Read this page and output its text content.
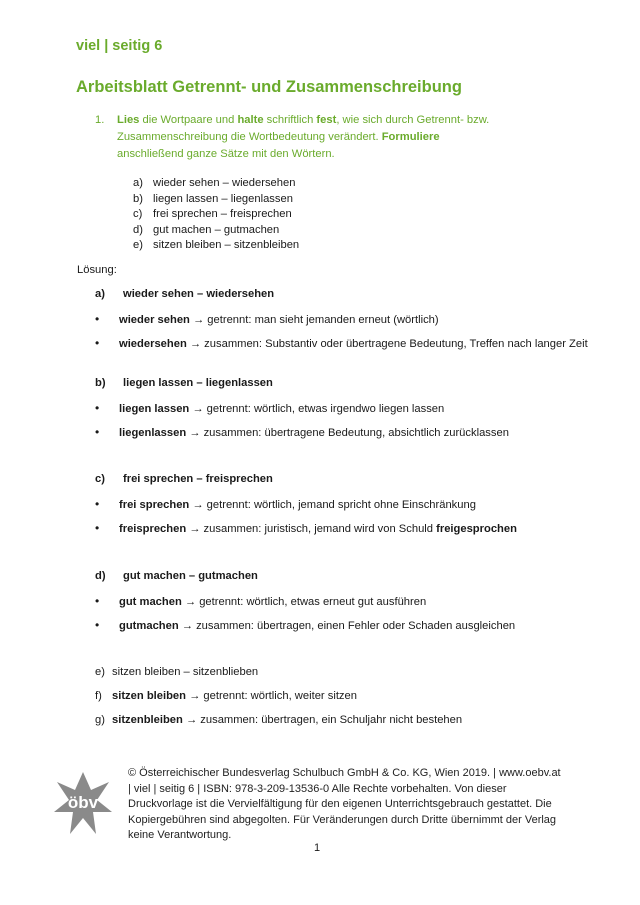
viel | seitig 6
Arbeitsblatt Getrennt- und Zusammenschreibung
1. Lies die Wortpaare und halte schriftlich fest, wie sich durch Getrennt- bzw. Zusammenschreibung die Wortbedeutung verändert. Formuliere anschließend ganze Sätze mit den Wörtern.
a) wieder sehen – wiedersehen
b) liegen lassen – liegenlassen
c) frei sprechen – freisprechen
d) gut machen – gutmachen
e) sitzen bleiben – sitzenbleiben
Lösung:
a) wieder sehen – wiedersehen
• wieder sehen → getrennt: man sieht jemanden erneut (wörtlich)
• wiedersehen → zusammen: Substantiv oder übertragene Bedeutung, Treffen nach langer Zeit
b) liegen lassen – liegenlassen
• liegen lassen → getrennt: wörtlich, etwas irgendwo liegen lassen
• liegenlassen → zusammen: übertragene Bedeutung, absichtlich zurücklassen
c) frei sprechen – freisprechen
• frei sprechen → getrennt: wörtlich, jemand spricht ohne Einschränkung
• freisprechen → zusammen: juristisch, jemand wird von Schuld freigesprochen
d) gut machen – gutmachen
• gut machen → getrennt: wörtlich, etwas erneut gut ausführen
• gutmachen → zusammen: übertragen, einen Fehler oder Schaden ausgleichen
e) sitzen bleiben – sitzenblieben
f) sitzen bleiben → getrennt: wörtlich, weiter sitzen
g) sitzenbleiben → zusammen: übertragen, ein Schuljahr nicht bestehen
öbv
© Österreichischer Bundesverlag Schulbuch GmbH & Co. KG, Wien 2019. | www.oebv.at | viel | seitig 6 | ISBN: 978-3-209-13536-0 Alle Rechte vorbehalten. Von dieser Druckvorlage ist die Vervielfältigung für den eigenen Unterrichtsgebrauch gestattet. Die Kopiergebühren sind abgegolten. Für Veränderungen durch Dritte übernimmt der Verlag keine Verantwortung.
1
